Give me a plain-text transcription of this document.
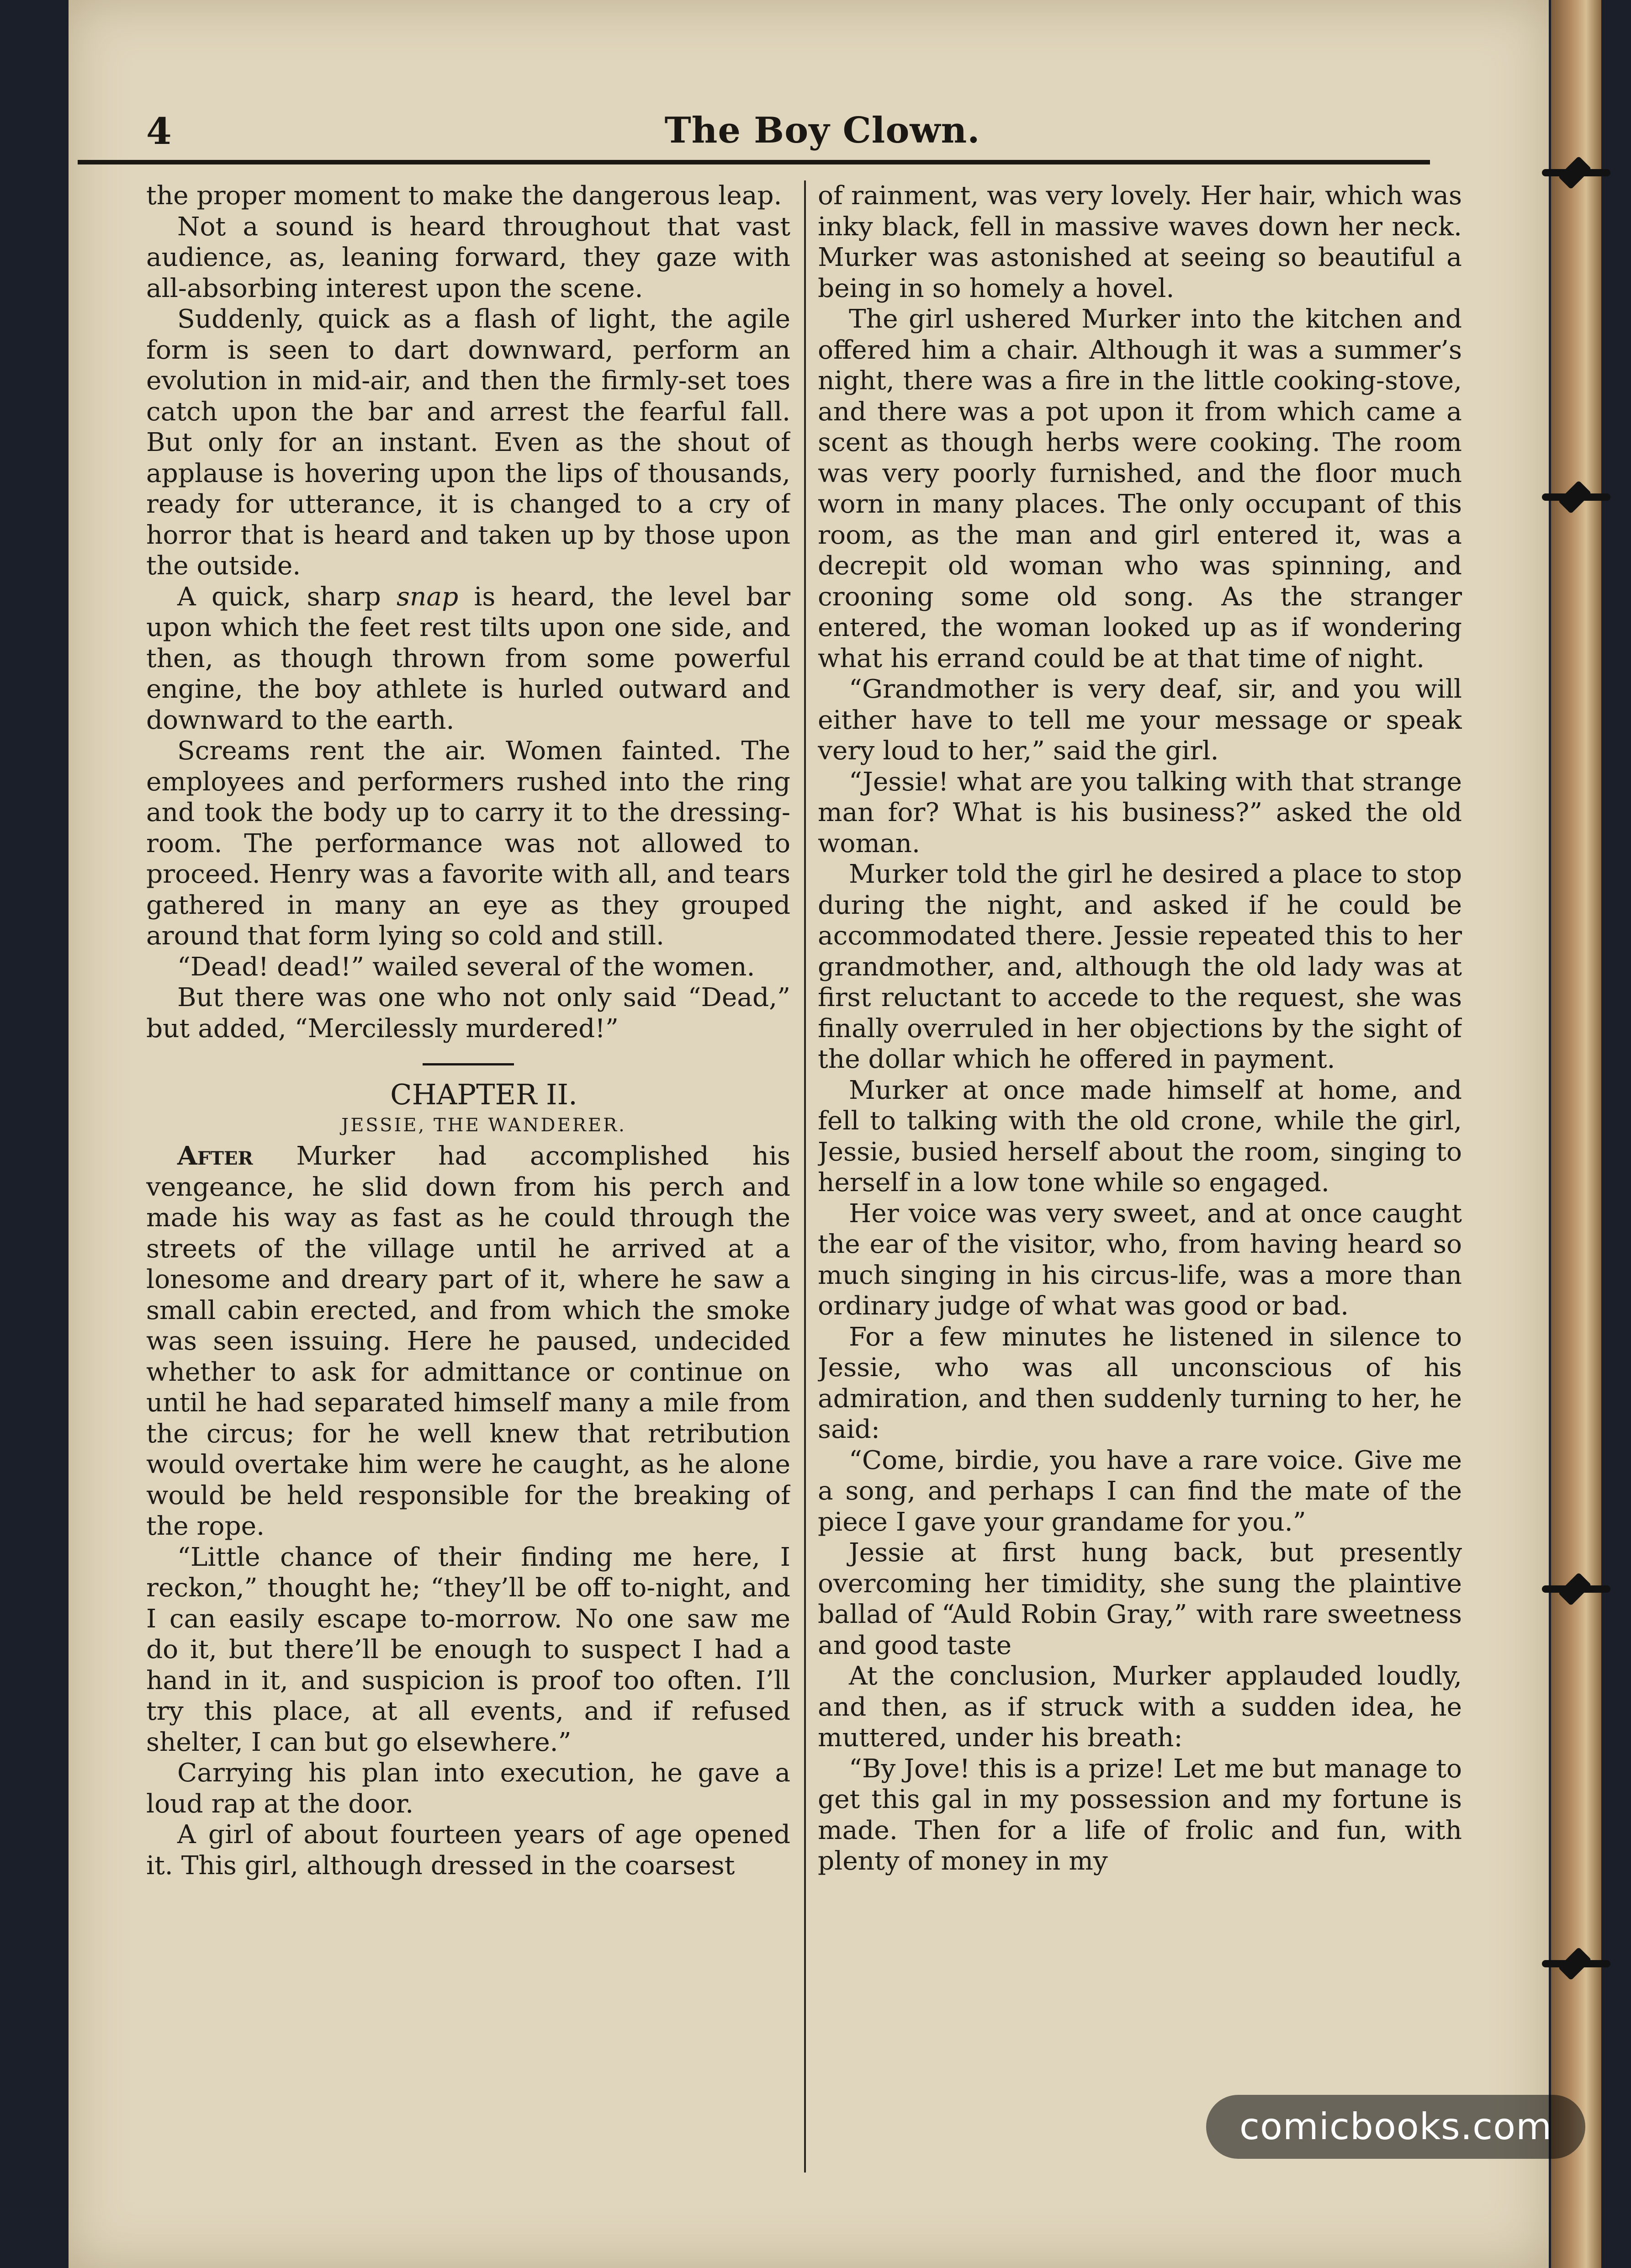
4	The Boy Clown.

the proper moment to make the dangerous leap.

Not a sound is heard throughout that vast audience, as, leaning forward, they gaze with all-absorbing interest upon the scene.

Suddenly, quick as a flash of light, the agile form is seen to dart downward, perform an evolution in mid-air, and then the firmly-set toes catch upon the bar and arrest the fearful fall. But only for an instant. Even as the shout of applause is hovering upon the lips of thousands, ready for utterance, it is changed to a cry of horror that is heard and taken up by those upon the outside.

A quick, sharp snap is heard, the level bar upon which the feet rest tilts upon one side, and then, as though thrown from some powerful engine, the boy athlete is hurled outward and downward to the earth.

Screams rent the air. Women fainted. The employees and performers rushed into the ring and took the body up to carry it to the dressing-room. The performance was not allowed to proceed. Henry was a favorite with all, and tears gathered in many an eye as they grouped around that form lying so cold and still.

“Dead! dead!” wailed several of the women.

But there was one who not only said “Dead,” but added, “Mercilessly murdered!”

CHAPTER II.

JESSIE, THE WANDERER.

After Murker had accomplished his vengeance, he slid down from his perch and made his way as fast as he could through the streets of the village until he arrived at a lonesome and dreary part of it, where he saw a small cabin erected, and from which the smoke was seen issuing. Here he paused, undecided whether to ask for admittance or continue on until he had separated himself many a mile from the circus; for he well knew that retribution would overtake him were he caught, as he alone would be held responsible for the breaking of the rope.

“Little chance of their finding me here, I reckon,” thought he; “they’ll be off to-night, and I can easily escape to-morrow. No one saw me do it, but there’ll be enough to suspect I had a hand in it, and suspicion is proof too often. I’ll try this place, at all events, and if refused shelter, I can but go elsewhere.”

Carrying his plan into execution, he gave a loud rap at the door.

A girl of about fourteen years of age opened it. This girl, although dressed in the coarsest

of rainment, was very lovely. Her hair, which was inky black, fell in massive waves down her neck. Murker was astonished at seeing so beautiful a being in so homely a hovel.

The girl ushered Murker into the kitchen and offered him a chair. Although it was a summer’s night, there was a fire in the little cooking-stove, and there was a pot upon it from which came a scent as though herbs were cooking. The room was very poorly furnished, and the floor much worn in many places. The only occupant of this room, as the man and girl entered it, was a decrepit old woman who was spinning, and crooning some old song. As the stranger entered, the woman looked up as if wondering what his errand could be at that time of night.

“Grandmother is very deaf, sir, and you will either have to tell me your message or speak very loud to her,” said the girl.

“Jessie! what are you talking with that strange man for? What is his business?” asked the old woman.

Murker told the girl he desired a place to stop during the night, and asked if he could be accommodated there. Jessie repeated this to her grandmother, and, although the old lady was at first reluctant to accede to the request, she was finally overruled in her objections by the sight of the dollar which he offered in payment.

Murker at once made himself at home, and fell to talking with the old crone, while the girl, Jessie, busied herself about the room, singing to herself in a low tone while so engaged.

Her voice was very sweet, and at once caught the ear of the visitor, who, from having heard so much singing in his circus-life, was a more than ordinary judge of what was good or bad.

For a few minutes he listened in silence to Jessie, who was all unconscious of his admiration, and then suddenly turning to her, he said:

“Come, birdie, you have a rare voice. Give me a song, and perhaps I can find the mate of the piece I gave your grandame for you.”

Jessie at first hung back, but presently overcoming her timidity, she sung the plaintive ballad of “Auld Robin Gray,” with rare sweetness and good taste

At the conclusion, Murker applauded loudly, and then, as if struck with a sudden idea, he muttered, under his breath:

“By Jove! this is a prize! Let me but manage to get this gal in my possession and my fortune is made. Then for a life of frolic and fun, with plenty of money in my

comicbooks.com
